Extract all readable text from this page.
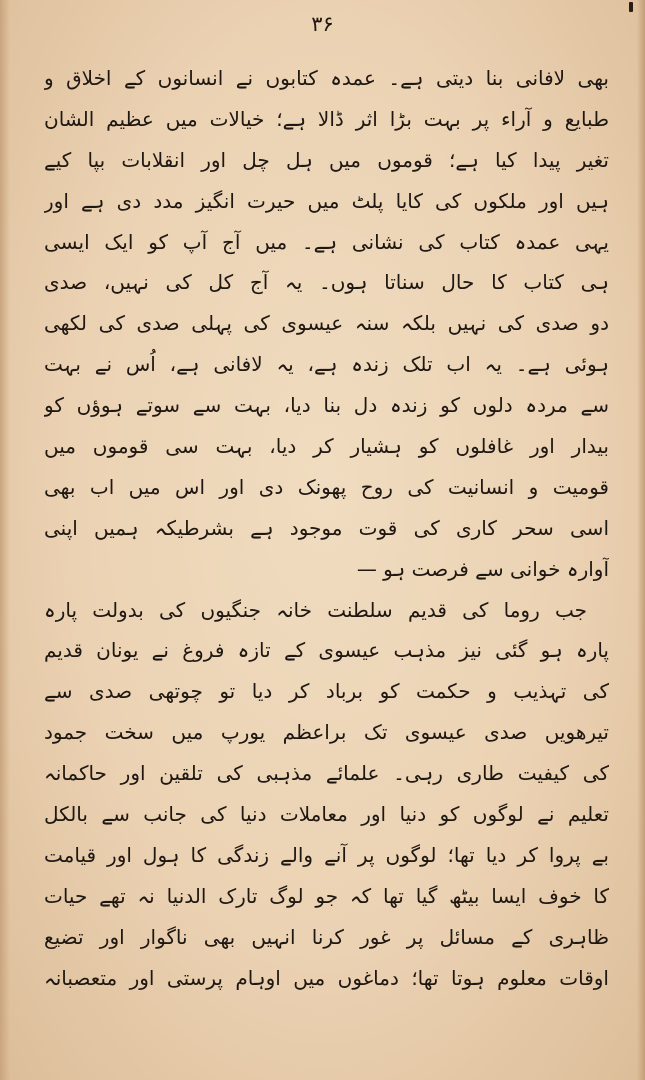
۳۶
بھی لافانی بنا دیتی ہے۔ عمدہ کتابوں نے انسانوں کے اخلاق و
طبایع و آراء پر بہت بڑا اثر ڈالا ہے؛ خیالات میں عظیم الشان
تغیر پیدا کیا ہے؛ قوموں میں ہل چل اور انقلابات بپا کیے
ہیں اور ملکوں کی کایا پلٹ میں حیرت انگیز مدد دی ہے اور
یہی عمدہ کتاب کی نشانی ہے۔ میں آج آپ کو ایک ایسی
ہی کتاب کا حال سناتا ہوں۔ یہ آج کل کی نہیں، صدی
دو صدی کی نہیں بلکہ سنہ عیسوی کی پہلی صدی کی لکھی
ہوئی ہے۔ یہ اب تلک زندہ ہے، یہ لافانی ہے، اُس نے بہت
سے مردہ دلوں کو زندہ دل بنا دیا، بہت سے سوتے ہوؤں کو
بیدار اور غافلوں کو ہشیار کر دیا، بہت سی قوموں میں
قومیت و انسانیت کی روح پھونک دی اور اس میں اب بھی
اسی سحر کاری کی قوت موجود ہے بشرطیکہ ہمیں اپنی
آوارہ خوانی سے فرصت ہو —
جب روما کی قدیم سلطنت خانہ جنگیوں کی بدولت پارہ
پارہ ہو گئی نیز مذہب عیسوی کے تازہ فروغ نے یونان قدیم
کی تہذیب و حکمت کو برباد کر دیا تو چوتھی صدی سے
تیرھویں صدی عیسوی تک براعظم یورپ میں سخت جمود
کی کیفیت طاری رہی۔ علمائے مذہبی کی تلقین اور حاکمانہ
تعلیم نے لوگوں کو دنیا اور معاملات دنیا کی جانب سے بالکل
بے پروا کر دیا تھا؛ لوگوں پر آنے والے زندگی کا ہول اور قیامت
کا خوف ایسا بیٹھ گیا تھا کہ جو لوگ تارک الدنیا نہ تھے حیات
ظاہری کے مسائل پر غور کرنا انہیں بھی ناگوار اور تضیع
اوقات معلوم ہوتا تھا؛ دماغوں میں اوہام پرستی اور متعصبانہ
